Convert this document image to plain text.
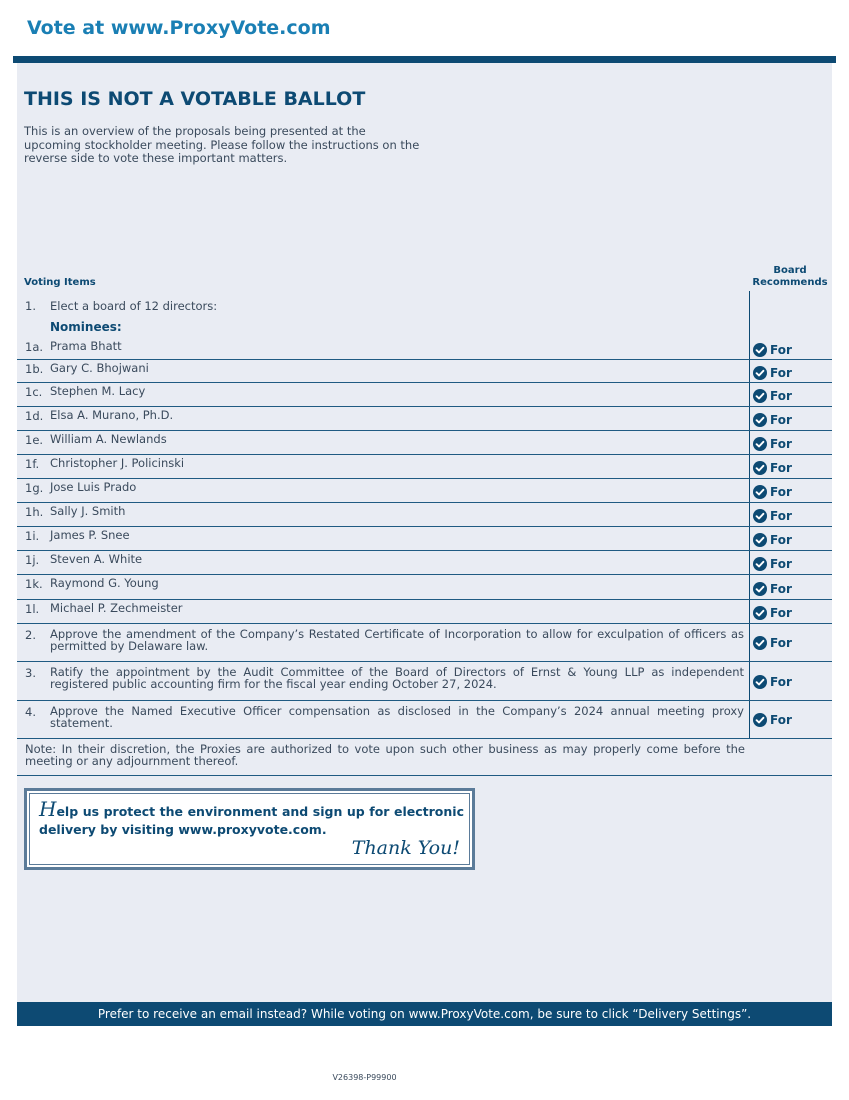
Vote at www.ProxyVote.com
THIS IS NOT A VOTABLE BALLOT

This is an overview of the proposals being presented at the upcoming stockholder meeting. Please follow the instructions on the reverse side to vote these important matters.

Voting Items
Board
Recommends
1. Elect a board of 12 directors:
Nominees:
1a. Prama Bhatt	For
1b. Gary C. Bhojwani	For
1c. Stephen M. Lacy	For
1d. Elsa A. Murano, Ph.D.	For
1e. William A. Newlands	For
1f. Christopher J. Policinski	For
1g. Jose Luis Prado	For
1h. Sally J. Smith	For
1i. James P. Snee	For
1j. Steven A. White	For
1k. Raymond G. Young	For
1l. Michael P. Zechmeister	For
2. Approve the amendment of the Company’s Restated Certificate of Incorporation to allow for exculpation of officers as permitted by Delaware law.	For
3. Ratify the appointment by the Audit Committee of the Board of Directors of Ernst & Young LLP as independent registered public accounting firm for the fiscal year ending October 27, 2024.	For
4. Approve the Named Executive Officer compensation as disclosed in the Company’s 2024 annual meeting proxy statement.	For

Note: In their discretion, the Proxies are authorized to vote upon such other business as may properly come before the meeting or any adjournment thereof.

Help us protect the environment and sign up for electronic delivery by visiting www.proxyvote.com.
Thank You!
Prefer to receive an email instead? While voting on www.ProxyVote.com, be sure to click “Delivery Settings”.
V26398-P99900
